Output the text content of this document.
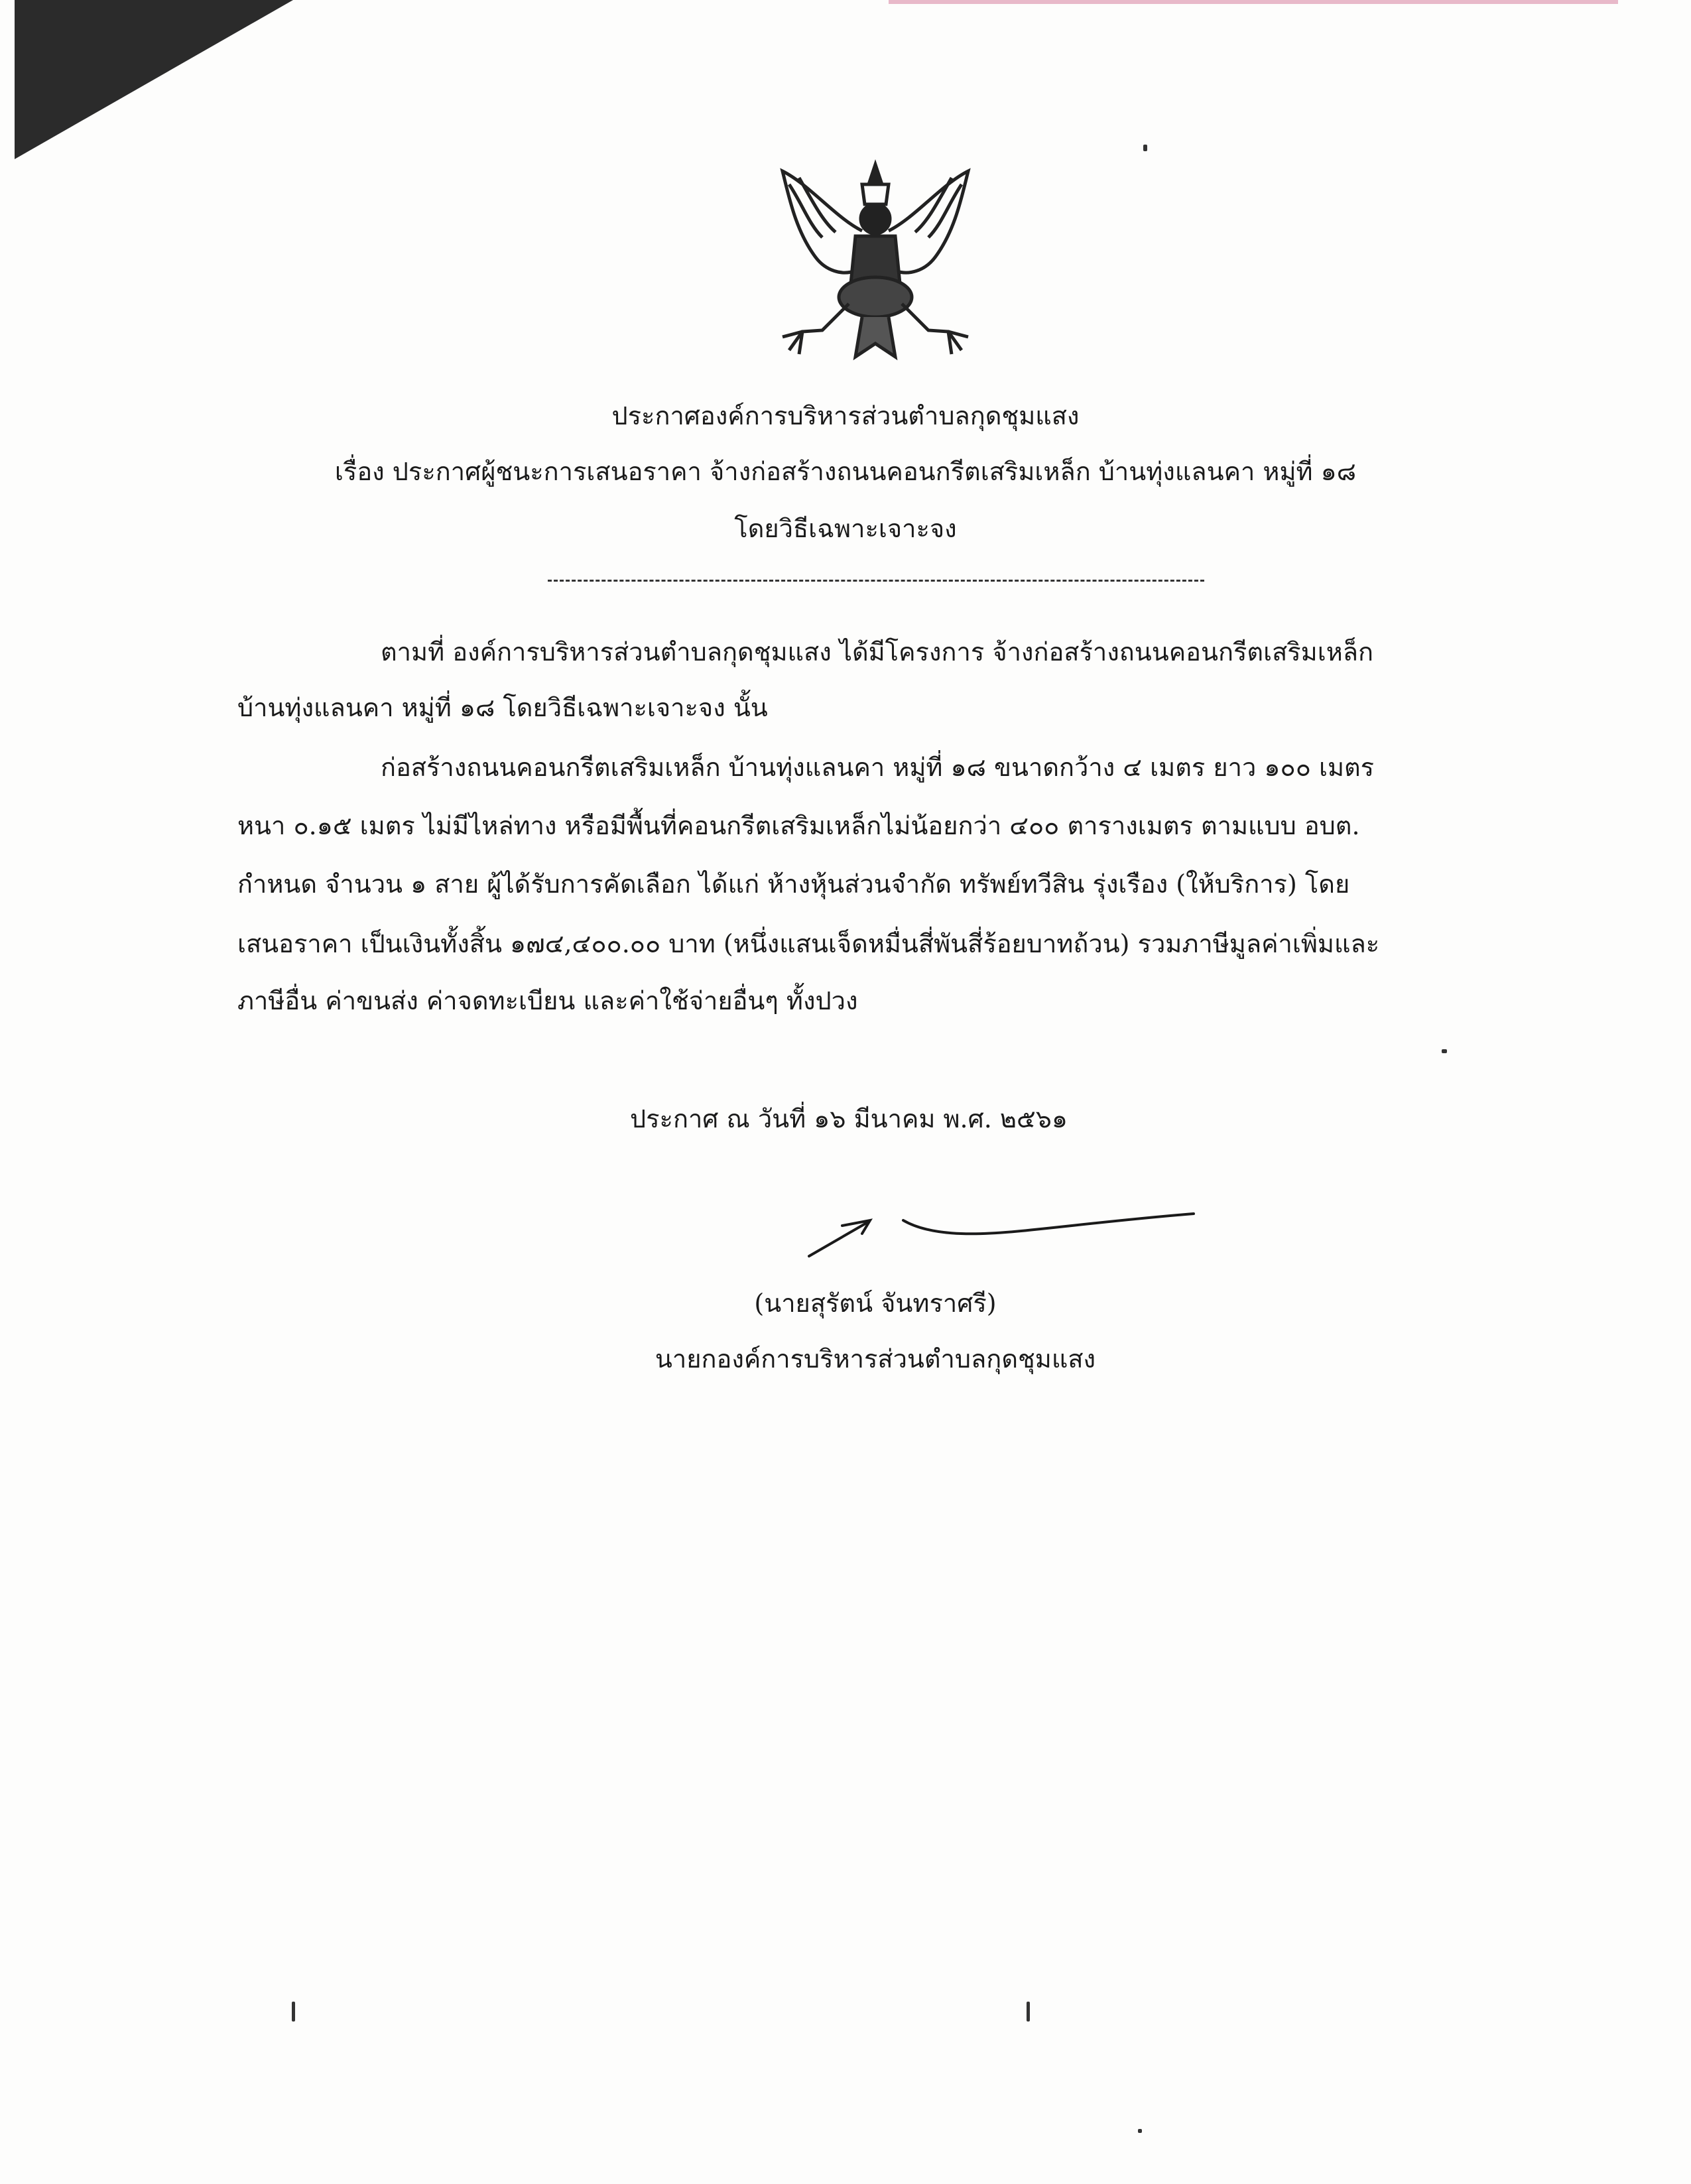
ประกาศองค์การบริหารส่วนตำบลกุดชุมแสง
เรื่อง ประกาศผู้ชนะการเสนอราคา จ้างก่อสร้างถนนคอนกรีตเสริมเหล็ก บ้านทุ่งแลนคา หมู่ที่ ๑๘
โดยวิธีเฉพาะเจาะจง
ตามที่ องค์การบริหารส่วนตำบลกุดชุมแสง ได้มีโครงการ จ้างก่อสร้างถนนคอนกรีตเสริมเหล็ก
บ้านทุ่งแลนคา หมู่ที่ ๑๘ โดยวิธีเฉพาะเจาะจง นั้น
ก่อสร้างถนนคอนกรีตเสริมเหล็ก บ้านทุ่งแลนคา หมู่ที่ ๑๘ ขนาดกว้าง ๔ เมตร ยาว ๑๐๐ เมตร
หนา ๐.๑๕ เมตร ไม่มีไหล่ทาง หรือมีพื้นที่คอนกรีตเสริมเหล็กไม่น้อยกว่า ๔๐๐ ตารางเมตร ตามแบบ อบต.
กำหนด จำนวน ๑ สาย ผู้ได้รับการคัดเลือก ได้แก่ ห้างหุ้นส่วนจำกัด ทรัพย์ทวีสิน รุ่งเรือง (ให้บริการ) โดย
เสนอราคา เป็นเงินทั้งสิ้น ๑๗๔,๔๐๐.๐๐ บาท (หนึ่งแสนเจ็ดหมื่นสี่พันสี่ร้อยบาทถ้วน) รวมภาษีมูลค่าเพิ่มและ
ภาษีอื่น ค่าขนส่ง ค่าจดทะเบียน และค่าใช้จ่ายอื่นๆ ทั้งปวง
ประกาศ ณ วันที่ ๑๖ มีนาคม พ.ศ. ๒๕๖๑
(นายสุรัตน์ จันทราศรี)
นายกองค์การบริหารส่วนตำบลกุดชุมแสง
